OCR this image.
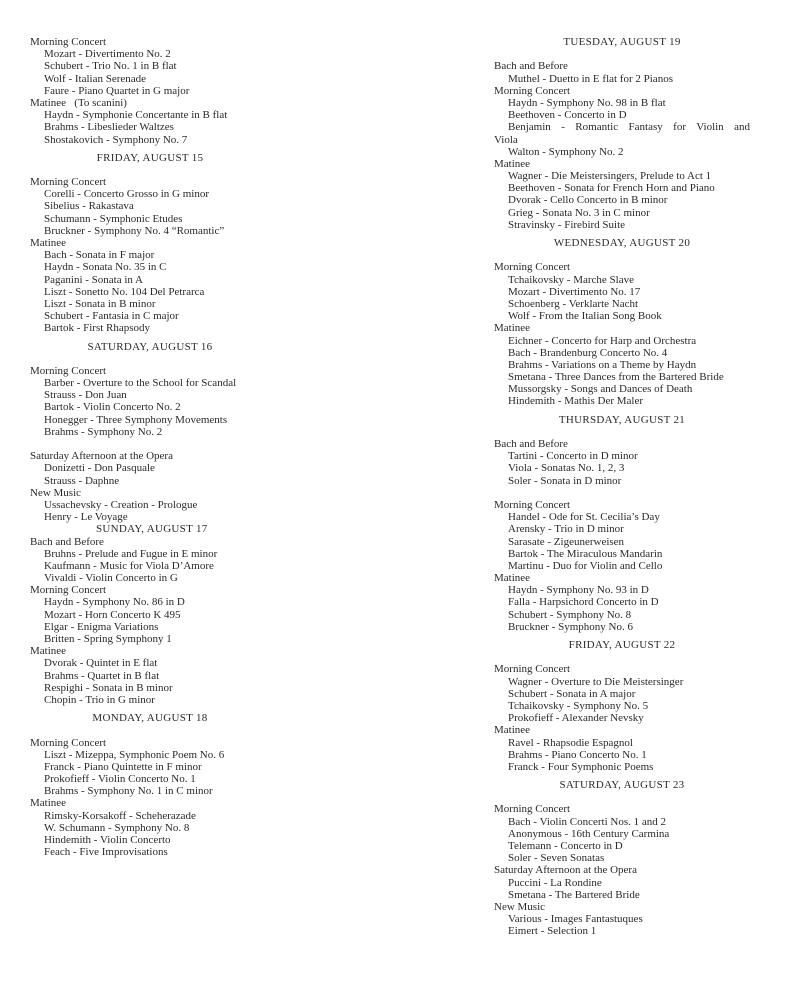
Morning Concert
Mozart - Divertimento No. 2
Schubert - Trio No. 1 in B flat
Wolf - Italian Serenade
Faure - Piano Quartet in G major
Matinee   (To scanini)
Haydn - Symphonie Concertante in B flat
Brahms - Libeslieder Waltzes
Shostakovich - Symphony No. 7
FRIDAY, AUGUST 15
Morning Concert
Corelli - Concerto Grosso in G minor
Sibelius - Rakastava
Schumann - Symphonic Etudes
Bruckner - Symphony No. 4 “Romantic”
Matinee
Bach - Sonata in F major
Haydn - Sonata No. 35 in C
Paganini - Sonata in A
Liszt - Sonetto No. 104 Del Petrarca
Liszt - Sonata in B minor
Schubert - Fantasia in C major
Bartok - First Rhapsody
SATURDAY, AUGUST 16
Morning Concert
Barber - Overture to the School for Scandal
Strauss - Don Juan
Bartok - Violin Concerto No. 2
Honegger - Three Symphony Movements
Brahms - Symphony No. 2
Saturday Afternoon at the Opera
Donizetti - Don Pasquale
Strauss - Daphne
New Music
Ussachevsky - Creation - Prologue
Henry - Le Voyage
SUNDAY, AUGUST 17
Bach and Before
Bruhns - Prelude and Fugue in E minor
Kaufmann - Music for Viola D’Amore
Vivaldi - Violin Concerto in G
Morning Concert
Haydn - Symphony No. 86 in D
Mozart - Horn Concerto K 495
Elgar - Enigma Variations
Britten - Spring Symphony 1
Matinee
Dvorak - Quintet in E flat
Brahms - Quartet in B flat
Respighi - Sonata in B minor
Chopin - Trio in G minor
MONDAY, AUGUST 18
Morning Concert
Liszt - Mizeppa, Symphonic Poem No. 6
Franck - Piano Quintette in F minor
Prokofieff - Violin Concerto No. 1
Brahms - Symphony No. 1 in C minor
Matinee
Rimsky-Korsakoff - Scheherazade
W. Schumann - Symphony No. 8
Hindemith - Violin Concerto
Feach - Five Improvisations
TUESDAY, AUGUST 19
Bach and Before
Muthel - Duetto in E flat for 2 Pianos
Morning Concert
Haydn - Symphony No. 98 in B flat
Beethoven - Concerto in D
Benjamin - Romantic Fantasy for Violin and
Viola
Walton - Symphony No. 2
Matinee
Wagner - Die Meistersingers, Prelude to Act 1
Beethoven - Sonata for French Horn and Piano
Dvorak - Cello Concerto in B minor
Grieg - Sonata No. 3 in C minor
Stravinsky - Firebird Suite
WEDNESDAY, AUGUST 20
Morning Concert
Tchaikovsky - Marche Slave
Mozart - Divertimento No. 17
Schoenberg - Verklarte Nacht
Wolf - From the Italian Song Book
Matinee
Eichner - Concerto for Harp and Orchestra
Bach - Brandenburg Concerto No. 4
Brahms - Variations on a Theme by Haydn
Smetana - Three Dances from the Bartered Bride
Mussorgsky - Songs and Dances of Death
Hindemith - Mathis Der Maler
THURSDAY, AUGUST 21
Bach and Before
Tartini - Concerto in D minor
Viola - Sonatas No. 1, 2, 3
Soler - Sonata in D minor
Morning Concert
Handel - Ode for St. Cecilia’s Day
Arensky - Trio in D minor
Sarasate - Zigeunerweisen
Bartok - The Miraculous Mandarin
Martinu - Duo for Violin and Cello
Matinee
Haydn - Symphony No. 93 in D
Falla - Harpsichord Concerto in D
Schubert - Symphony No. 8
Bruckner - Symphony No. 6
FRIDAY, AUGUST 22
Morning Concert
Wagner - Overture to Die Meistersinger
Schubert - Sonata in A major
Tchaikovsky - Symphony No. 5
Prokofieff - Alexander Nevsky
Matinee
Ravel - Rhapsodie Espagnol
Brahms - Piano Concerto No. 1
Franck - Four Symphonic Poems
SATURDAY, AUGUST 23
Morning Concert
Bach - Violin Concerti Nos. 1 and 2
Anonymous - 16th Century Carmina
Telemann - Concerto in D
Soler - Seven Sonatas
Saturday Afternoon at the Opera
Puccini - La Rondine
Smetana - The Bartered Bride
New Music
Various - Images Fantastuques
Eimert - Selection 1
